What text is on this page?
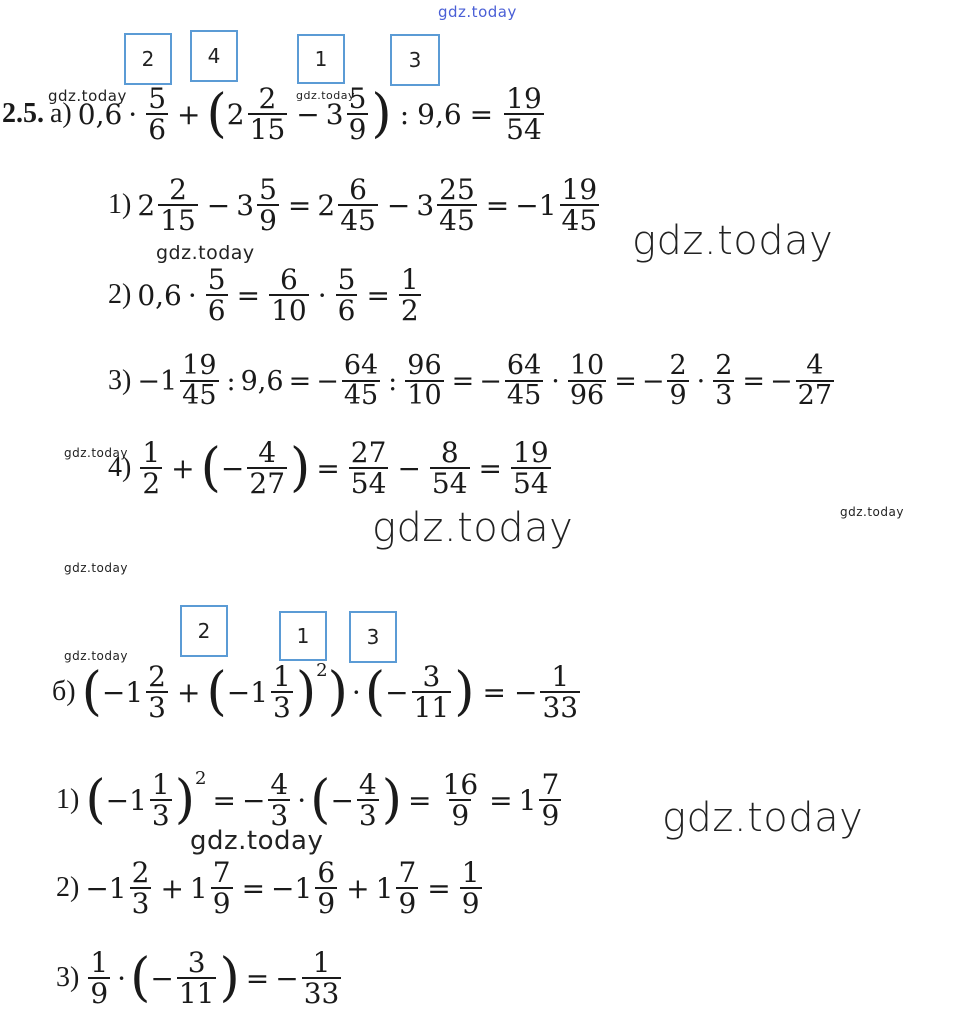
gdz.today
gdz.today	gdz.today
gdz.today	gdz.today
gdz.today
gdz.today	gdz.today
gdz.today
gdz.today
gdz.today
gdz.today
2	4	1	3
2.5. а) $0,6 \cdot \frac{5}{6}$ + ( $2 \frac{2}{15} - 3 \frac{5}{9}$ ) : $9,6 = \frac{19}{54}$
1) $2 \frac{2}{15} - 3 \frac{5}{9} = 2 \frac{6}{45} - 3 \frac{25}{45} = -1 \frac{19}{45}$
2) $0,6 \cdot \frac{5}{6} = \frac{6}{10} \cdot \frac{5}{6} = \frac{1}{2}$
$3) -1 \frac{19}{45}$ : 9,6 = − $\frac{64}{45}$ : $\frac{96}{10}$ = − $\frac{64}{45} \cdot \frac{10}{96}$ = − $\frac{2}{9} \cdot \frac{2}{3}$ = − $\frac{4}{27}$
$4) \frac{1}{2}$ + ( − $\frac{4}{27}$ ) = $\frac{27}{54} - \frac{8}{54} = \frac{19}{54}$
2	1	3
б) ( $-1 \frac{2}{3}$ + ( $-1 \frac{1}{3} )^2$ ) · ( − $\frac{3}{11}$ ) = − $\frac{1}{33}$
1) ( $-1 \frac{1}{3} )^2$
= − $\frac{4}{3}$ · ( − $\frac{4}{3}$ ) = $\frac{16}{9} = 1 \frac{7}{9}$
$2) -1 \frac{2}{3} + 1 \frac{7}{9} = -1 \frac{6}{9} + 1 \frac{7}{9} = \frac{1}{9}$
$3) \frac{1}{9}$ · ( − $\frac{3}{11}$ ) = − $\frac{1}{33}$
